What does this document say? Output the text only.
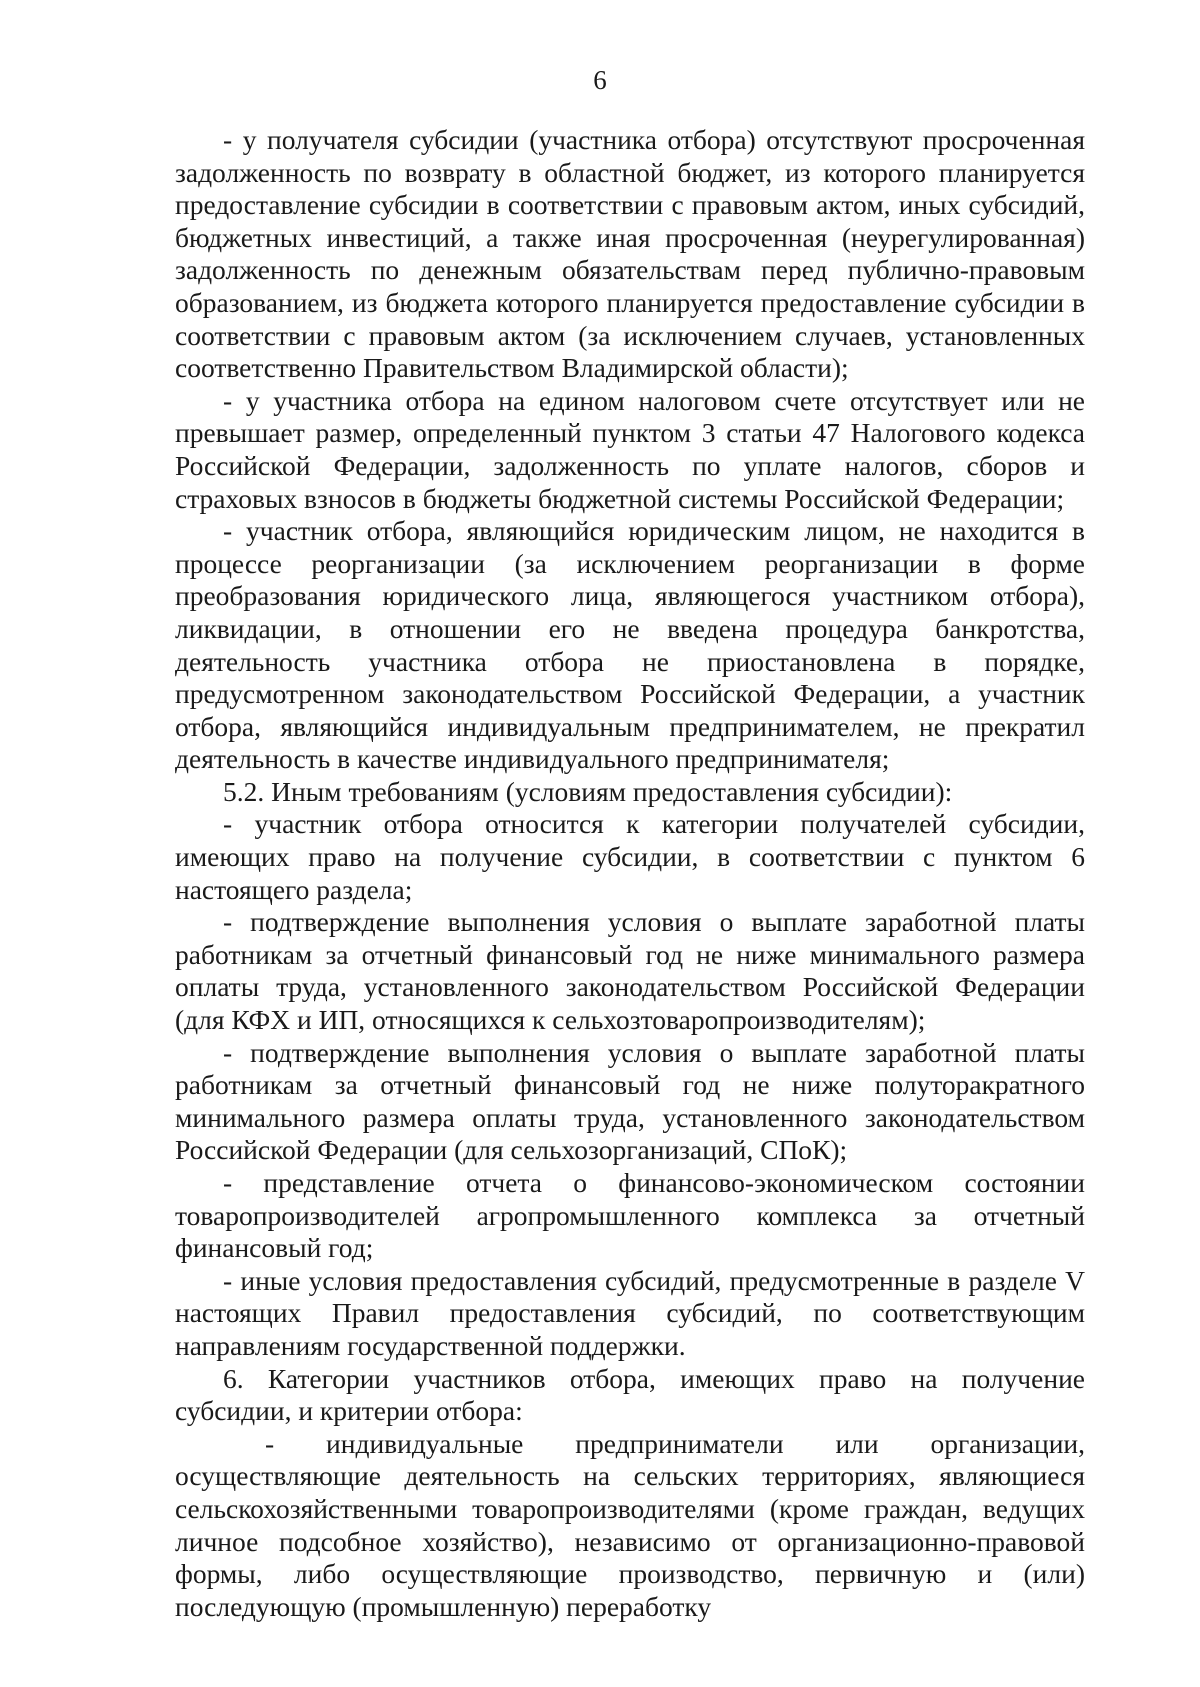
6

- у получателя субсидии (участника отбора) отсутствуют просроченная задолженность по возврату в областной бюджет, из которого планируется предоставление субсидии в соответствии с правовым актом, иных субсидий, бюджетных инвестиций, а также иная просроченная (неурегулированная) задолженность по денежным обязательствам перед публично-правовым образованием, из бюджета которого планируется предоставление субсидии в соответствии с правовым актом (за исключением случаев, установленных соответственно Правительством Владимирской области);

- у участника отбора на едином налоговом счете отсутствует или не превышает размер, определенный пунктом 3 статьи 47 Налогового кодекса Российской Федерации, задолженность по уплате налогов, сборов и страховых взносов в бюджеты бюджетной системы Российской Федерации;

- участник отбора, являющийся юридическим лицом, не находится в процессе реорганизации (за исключением реорганизации в форме преобразования юридического лица, являющегося участником отбора), ликвидации, в отношении его не введена процедура банкротства, деятельность участника отбора не приостановлена в порядке, предусмотренном законодательством Российской Федерации, а участник отбора, являющийся индивидуальным предпринимателем, не прекратил деятельность в качестве индивидуального предпринимателя;

5.2. Иным требованиям (условиям предоставления субсидии):

- участник отбора относится к категории получателей субсидии, имеющих право на получение субсидии, в соответствии с пунктом 6 настоящего раздела;

- подтверждение выполнения условия о выплате заработной платы работникам за отчетный финансовый год не ниже минимального размера оплаты труда, установленного законодательством Российской Федерации (для КФХ и ИП, относящихся к сельхозтоваропроизводителям);

- подтверждение выполнения условия о выплате заработной платы работникам за отчетный финансовый год не ниже полуторакратного минимального размера оплаты труда, установленного законодательством Российской Федерации (для сельхозорганизаций, СПоК);

- представление отчета о финансово-экономическом состоянии товаропроизводителей агропромышленного комплекса за отчетный финансовый год;

- иные условия предоставления субсидий, предусмотренные в разделе V настоящих Правил предоставления субсидий, по соответствующим направлениям государственной поддержки.

6. Категории участников отбора, имеющих право на получение субсидии, и критерии отбора:

- индивидуальные предприниматели или организации, осуществляющие деятельность на сельских территориях, являющиеся сельскохозяйственными товаропроизводителями (кроме граждан, ведущих личное подсобное хозяйство), независимо от организационно-правовой формы, либо осуществляющие производство, первичную и (или) последующую (промышленную) переработку
